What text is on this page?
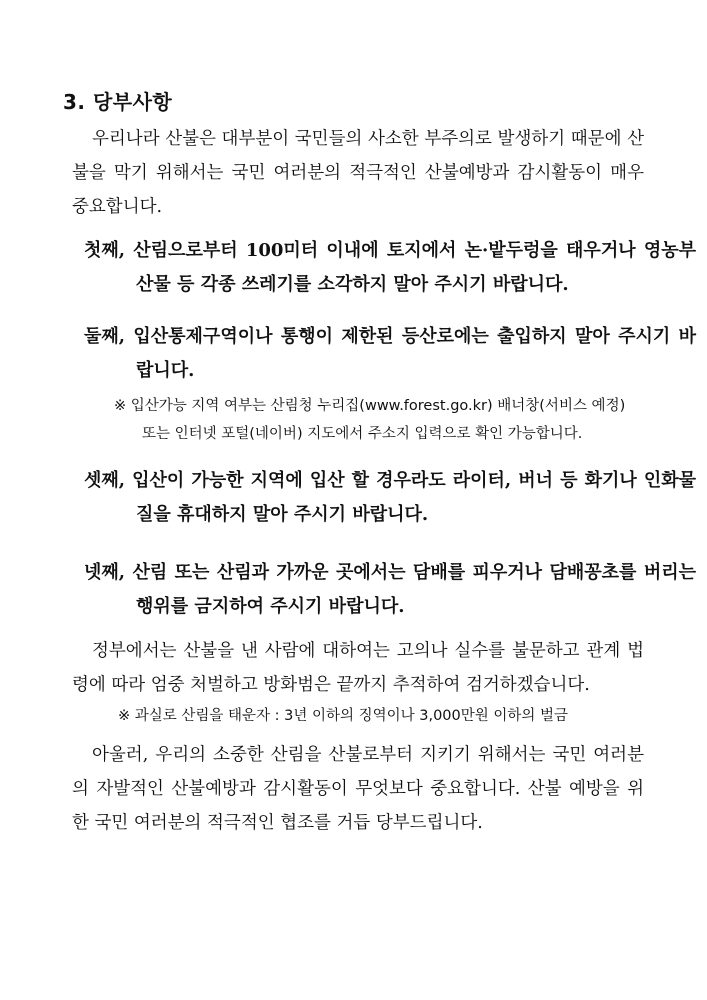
3. 당부사항
우리나라 산불은 대부분이 국민들의 사소한 부주의로 발생하기 때문에 산불을 막기 위해서는 국민 여러분의 적극적인 산불예방과 감시활동이 매우 중요합니다.
첫째, 산림으로부터 100미터 이내에 토지에서 논·밭두렁을 태우거나 영농부산물 등 각종 쓰레기를 소각하지 말아 주시기 바랍니다.
둘째, 입산통제구역이나 통행이 제한된 등산로에는 출입하지 말아 주시기 바랍니다.
※ 입산가능 지역 여부는 산림청 누리집(www.forest.go.kr) 배너창(서비스 예정)
또는 인터넷 포털(네이버) 지도에서 주소지 입력으로 확인 가능합니다.
셋째, 입산이 가능한 지역에 입산 할 경우라도 라이터, 버너 등 화기나 인화물질을 휴대하지 말아 주시기 바랍니다.
넷째, 산림 또는 산림과 가까운 곳에서는 담배를 피우거나 담배꽁초를 버리는 행위를 금지하여 주시기 바랍니다.
정부에서는 산불을 낸 사람에 대하여는 고의나 실수를 불문하고 관계 법령에 따라 엄중 처벌하고 방화범은 끝까지 추적하여 검거하겠습니다.
※ 과실로 산림을 태운자 : 3년 이하의 징역이나 3,000만원 이하의 벌금
아울러, 우리의 소중한 산림을 산불로부터 지키기 위해서는 국민 여러분의 자발적인 산불예방과 감시활동이 무엇보다 중요합니다. 산불 예방을 위한 국민 여러분의 적극적인 협조를 거듭 당부드립니다.
